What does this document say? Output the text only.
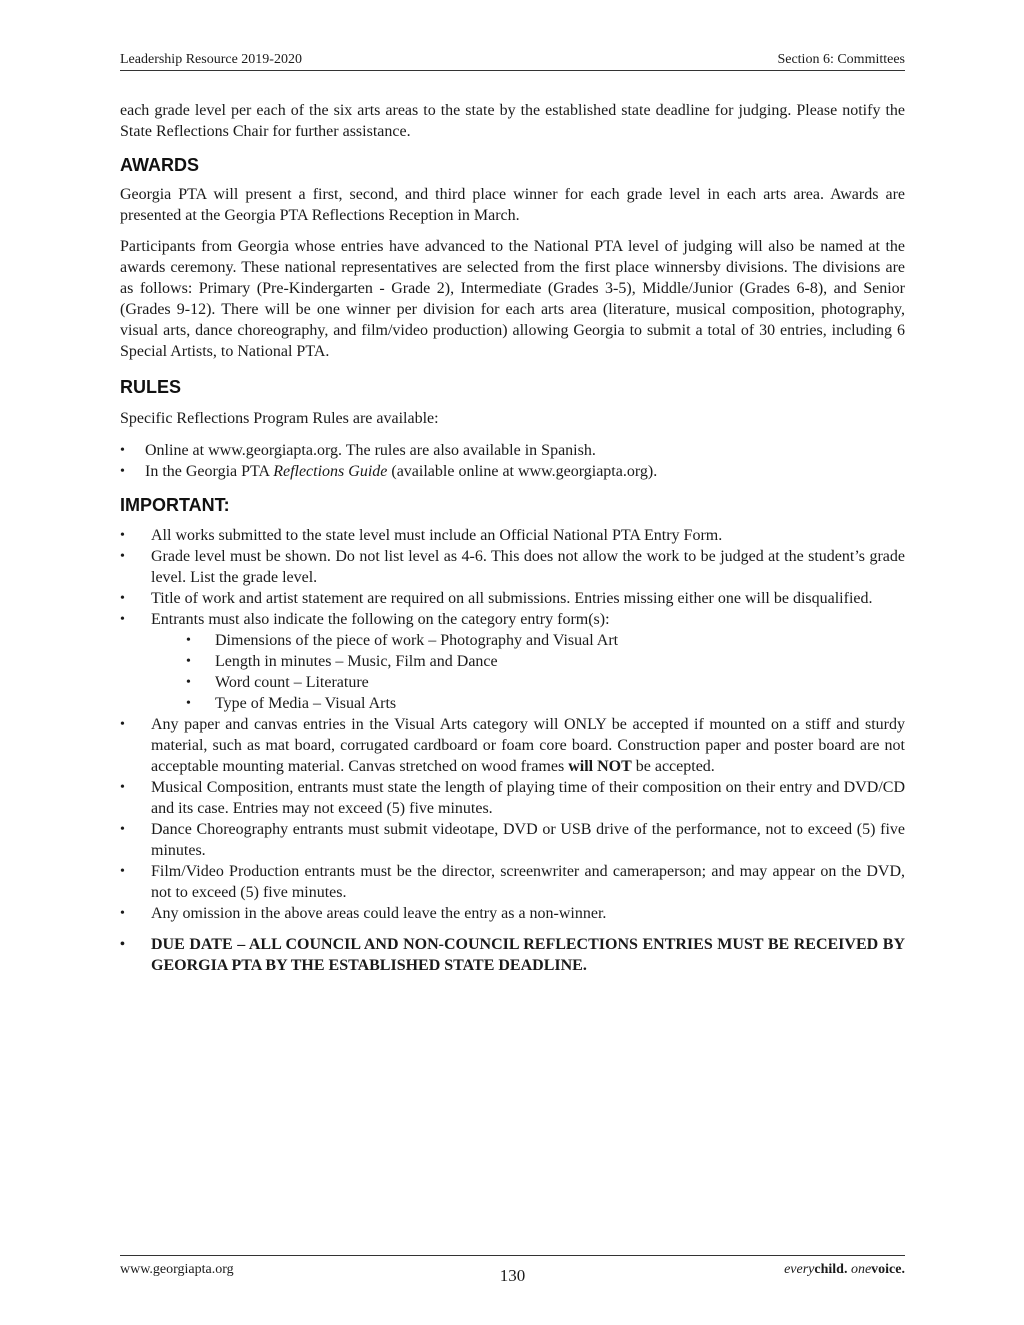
Leadership Resource 2019-2020	Section 6: Committees

each grade level per each of the six arts areas to the state by the established state deadline for judging. Please notify the State Reflections Chair for further assistance.

AWARDS

Georgia PTA will present a first, second, and third place winner for each grade level in each arts area. Awards are presented at the Georgia PTA Reflections Reception in March.

Participants from Georgia whose entries have advanced to the National PTA level of judging will also be named at the awards ceremony. These national representatives are selected from the first place winnersby divisions. The divisions are as follows: Primary (Pre-Kindergarten - Grade 2), Intermediate (Grades 3-5), Middle/Junior (Grades 6-8), and Senior (Grades 9-12). There will be one winner per division for each arts area (literature, musical composition, photography, visual arts, dance choreography, and film/video production) allowing Georgia to submit a total of 30 entries, including 6 Special Artists, to National PTA.

RULES

Specific Reflections Program Rules are available:

• Online at www.georgiapta.org. The rules are also available in Spanish.
• In the Georgia PTA Reflections Guide (available online at www.georgiapta.org).
IMPORTANT:
• All works submitted to the state level must include an Official National PTA Entry Form.
• Grade level must be shown. Do not list level as 4-6. This does not allow the work to be judged at the student’s grade level. List the grade level.
• Title of work and artist statement are required on all submissions. Entries missing either one will be disqualified.
• Entrants must also indicate the following on the category entry form(s):
• Dimensions of the piece of work – Photography and Visual Art
• Length in minutes – Music, Film and Dance
• Word count – Literature
• Type of Media – Visual Arts
• Any paper and canvas entries in the Visual Arts category will ONLY be accepted if mounted on a stiff and sturdy material, such as mat board, corrugated cardboard or foam core board. Construction paper and poster board are not acceptable mounting material. Canvas stretched on wood frames will NOT be accepted.
• Musical Composition, entrants must state the length of playing time of their composition on their entry and DVD/CD and its case. Entries may not exceed (5) five minutes.
• Dance Choreography entrants must submit videotape, DVD or USB drive of the performance, not to exceed (5) five minutes.
• Film/Video Production entrants must be the director, screenwriter and cameraperson; and may appear on the DVD, not to exceed (5) five minutes.
• Any omission in the above areas could leave the entry as a non-winner.
• DUE DATE – ALL COUNCIL AND NON-COUNCIL REFLECTIONS ENTRIES MUST BE RECEIVED BY GEORGIA PTA BY THE ESTABLISHED STATE DEADLINE.
www.georgiapta.org	130	everychild. onevoice.
